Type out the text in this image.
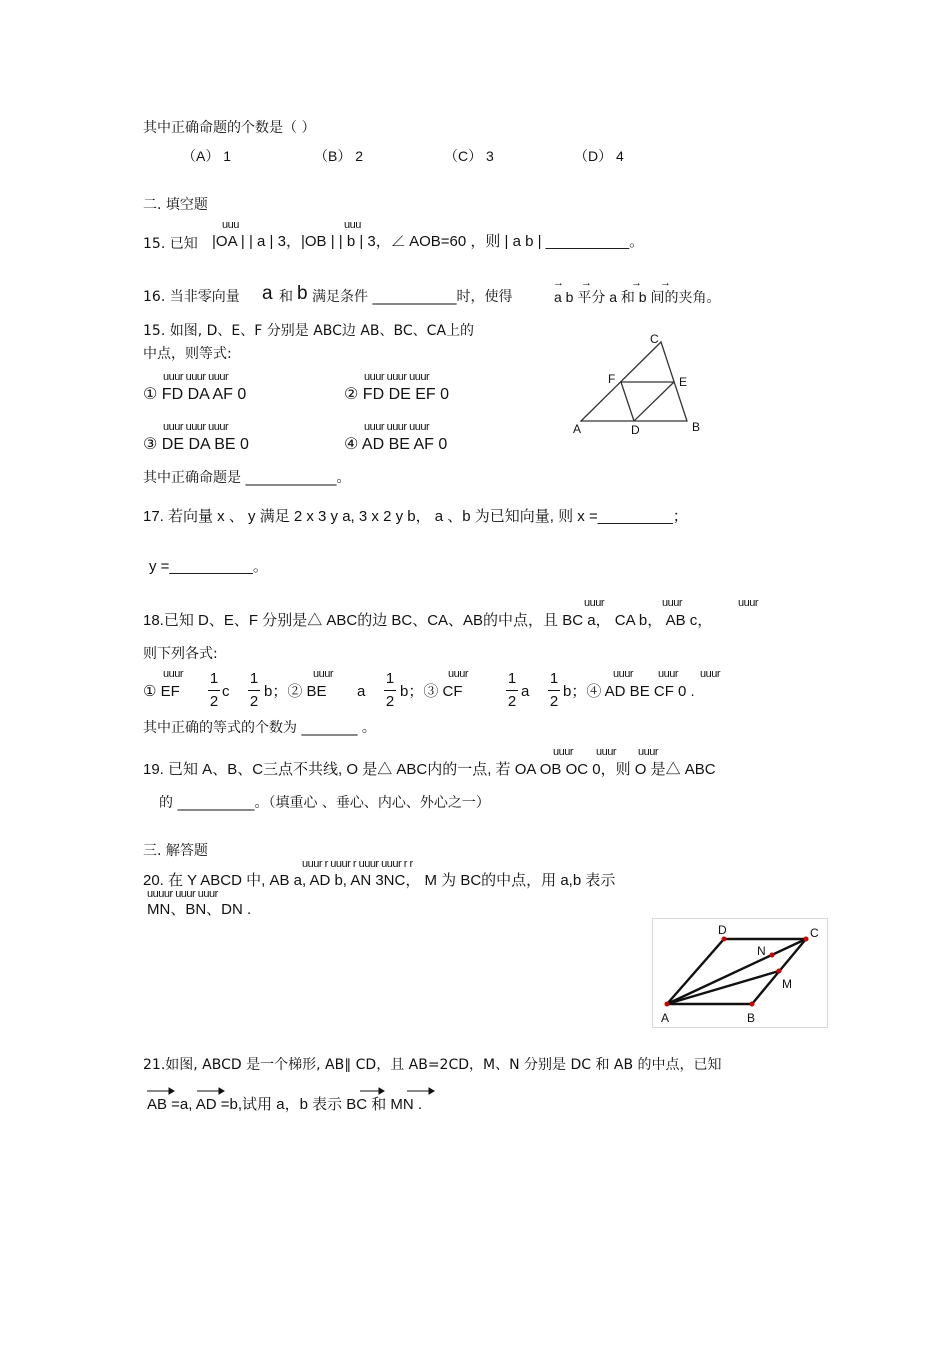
其中正确命题的个数是（ ）
（A） 1	（B） 2	（C） 3	（D） 4
二. 填空题
uuu	uuu
15. 已知 |OA | | a | 3，|OB | | b | 3，∠ AOB=60 ，则 | a b | __________。
16. 当非零向量 a 和 b 满足条件 ____________时，使得
→ →	→ →
a b 平分 a 和 b 间的夹角。
15. 如图, D、E、F 分别是 ABC边 AB、BC、CA上的
中点，则等式:
uuur uuur uuur	uuur uuur uuur
① FD DA AF 0	② FD DE EF 0
uuur uuur uuur	uuur uuur uuur
③ DE DA BE 0	④ AD BE AF 0
其中正确命题是 _____________。
C
F	E
A	D	B
17. 若向量 x 、 y 满足 2 x 3 y a, 3 x 2 y b， a 、b 为已知向量, 则 x =_________；
y =__________。
uuur	uuur	uuur
18.已知 D、E、F 分别是△ ABC的边 BC、CA、AB的中点，且 BC a， CA b， AB c，
则下列各式:
uuur	uuur	uuur	uuur uuur uuur
① EF
1
2
c
1
2
b；② BE a
1
2
b；③ CF
1
2
a
1
2
b；④ AD BE CF 0 .
其中正确的等式的个数为 ________ 。
uuur uuur uuur
19. 已知 A、B、C三点不共线, O 是△ ABC内的一点, 若 OA OB OC 0，则 O 是△ ABC
的 ___________。（填重心 、垂心、内心、外心之一）
三. 解答题
uuur r uuur r uuur uuur r r
20. 在 Y ABCD 中, AB a, AD b, AN 3NC， M 为 BC的中点，用 a,b 表示
uuuur uuur uuur
MN、BN、DN .
D	C
N
M
A	B
21.如图, ABCD 是一个梯形, AB∥ CD，且 AB=2CD，M、N 分别是 DC 和 AB 的中点，已知
AB =a, AD =b,试用 a，b 表示 BC 和 MN .
